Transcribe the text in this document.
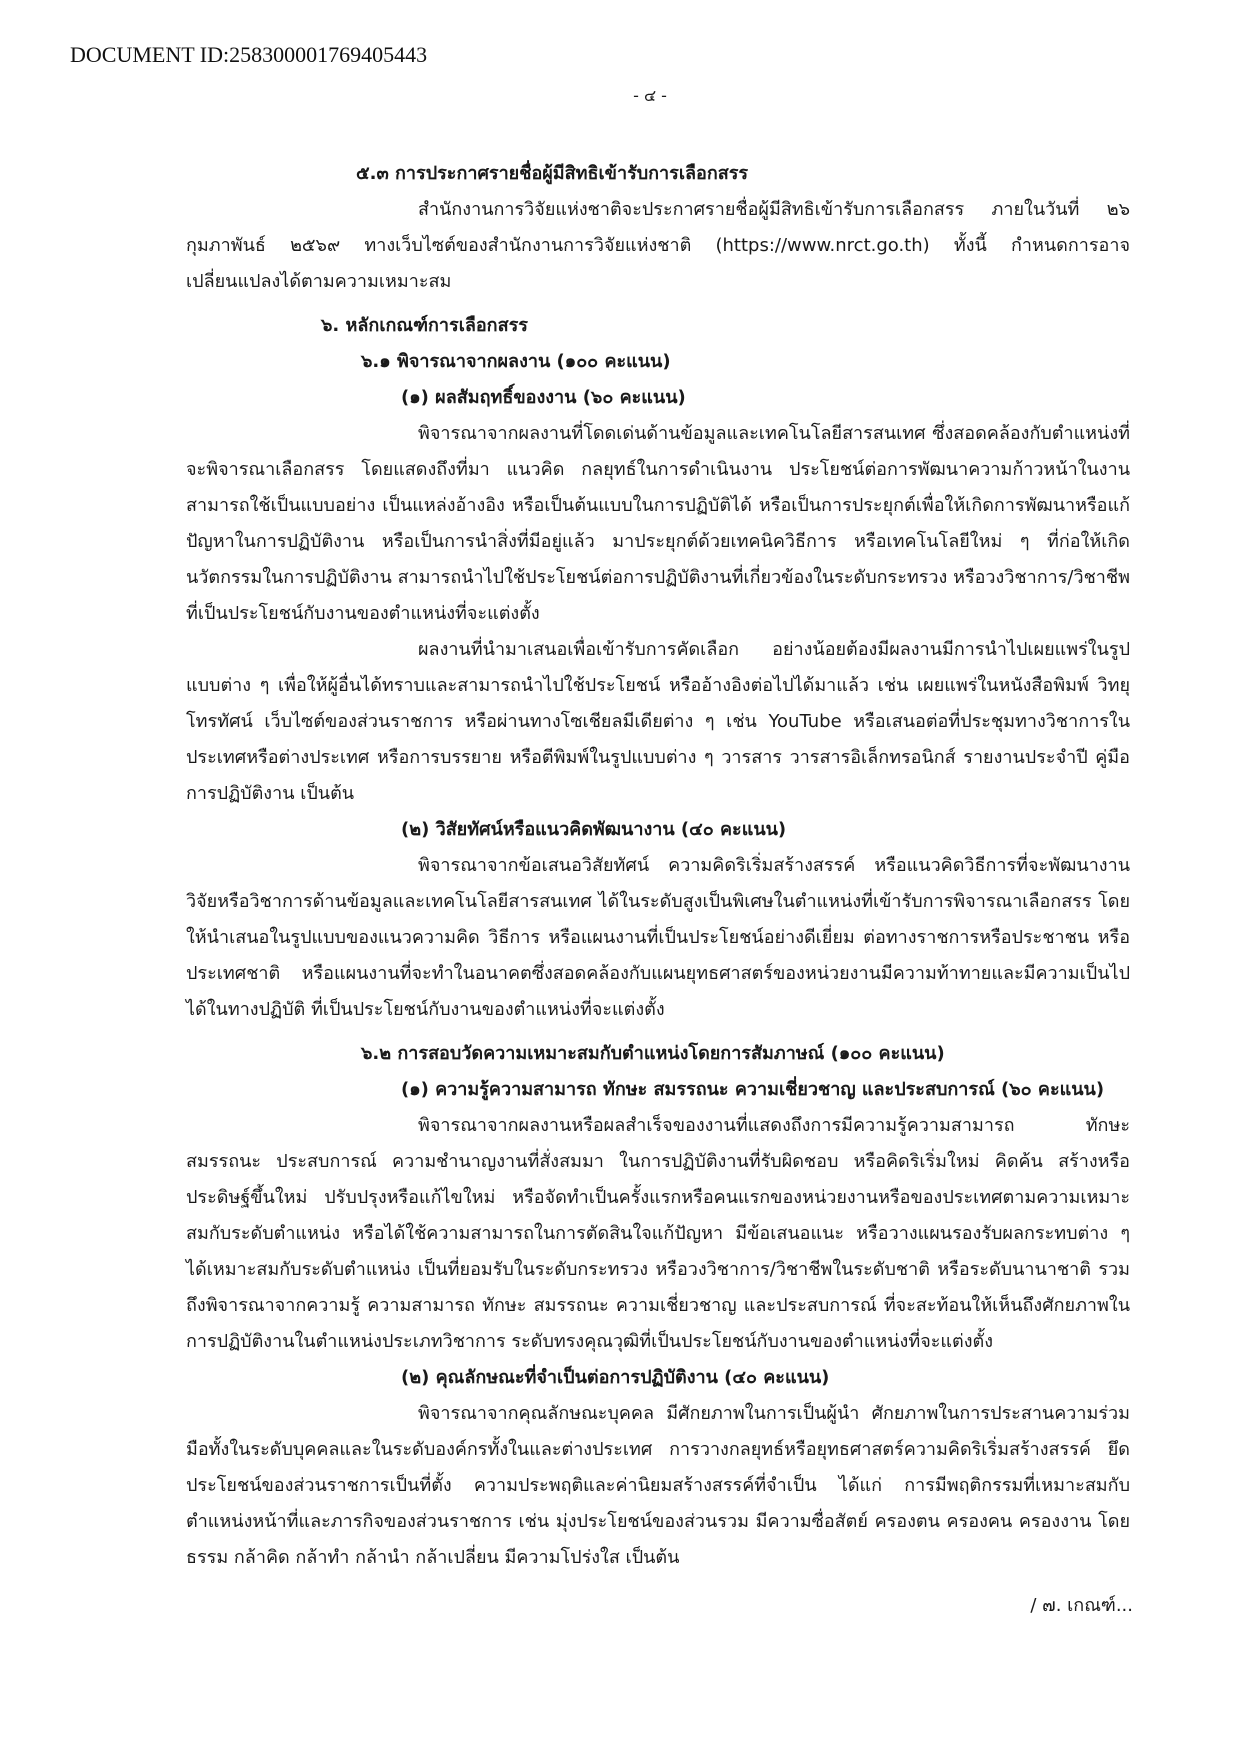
DOCUMENT ID:258300001769405443
- ๔ -

๕.๓ การประกาศรายชื่อผู้มีสิทธิเข้ารับการเลือกสรร

สำนักงานการวิจัยแห่งชาติจะประกาศรายชื่อผู้มีสิทธิเข้ารับการเลือกสรร ภายในวันที่ ๒๖ กุมภาพันธ์ ๒๕๖๙ ทางเว็บไซต์ของสำนักงานการวิจัยแห่งชาติ (https://www.nrct.go.th) ทั้งนี้ กำหนดการอาจเปลี่ยนแปลงได้ตามความเหมาะสม

๖. หลักเกณฑ์การเลือกสรร

๖.๑ พิจารณาจากผลงาน (๑๐๐ คะแนน)

(๑) ผลสัมฤทธิ์ของงาน (๖๐ คะแนน)

พิจารณาจากผลงานที่โดดเด่นด้านข้อมูลและเทคโนโลยีสารสนเทศ ซึ่งสอดคล้องกับตำแหน่งที่จะพิจารณาเลือกสรร โดยแสดงถึงที่มา แนวคิด กลยุทธ์ในการดำเนินงาน ประโยชน์ต่อการพัฒนาความก้าวหน้าในงาน สามารถใช้เป็นแบบอย่าง เป็นแหล่งอ้างอิง หรือเป็นต้นแบบในการปฏิบัติได้ หรือเป็นการประยุกต์เพื่อให้เกิดการพัฒนาหรือแก้ปัญหาในการปฏิบัติงาน หรือเป็นการนำสิ่งที่มีอยู่แล้ว มาประยุกต์ด้วยเทคนิควิธีการ หรือเทคโนโลยีใหม่ ๆ ที่ก่อให้เกิดนวัตกรรมในการปฏิบัติงาน สามารถนำไปใช้ประโยชน์ต่อการปฏิบัติงานที่เกี่ยวข้องในระดับกระทรวง หรือวงวิชาการ/วิชาชีพที่เป็นประโยชน์กับงานของตำแหน่งที่จะแต่งตั้ง

ผลงานที่นำมาเสนอเพื่อเข้ารับการคัดเลือก อย่างน้อยต้องมีผลงานมีการนำไปเผยแพร่ในรูปแบบต่าง ๆ เพื่อให้ผู้อื่นได้ทราบและสามารถนำไปใช้ประโยชน์ หรืออ้างอิงต่อไปได้มาแล้ว เช่น เผยแพร่ในหนังสือพิมพ์ วิทยุ โทรทัศน์ เว็บไซต์ของส่วนราชการ หรือผ่านทางโซเชียลมีเดียต่าง ๆ เช่น YouTube หรือเสนอต่อที่ประชุมทางวิชาการในประเทศหรือต่างประเทศ หรือการบรรยาย หรือตีพิมพ์ในรูปแบบต่าง ๆ วารสาร วารสารอิเล็กทรอนิกส์ รายงานประจำปี คู่มือการปฏิบัติงาน เป็นต้น

(๒) วิสัยทัศน์หรือแนวคิดพัฒนางาน (๔๐ คะแนน)

พิจารณาจากข้อเสนอวิสัยทัศน์ ความคิดริเริ่มสร้างสรรค์ หรือแนวคิดวิธีการที่จะพัฒนางานวิจัยหรือวิชาการด้านข้อมูลและเทคโนโลยีสารสนเทศ ได้ในระดับสูงเป็นพิเศษในตำแหน่งที่เข้ารับการพิจารณาเลือกสรร โดยให้นำเสนอในรูปแบบของแนวความคิด วิธีการ หรือแผนงานที่เป็นประโยชน์อย่างดีเยี่ยม ต่อทางราชการหรือประชาชน หรือประเทศชาติ หรือแผนงานที่จะทำในอนาคตซึ่งสอดคล้องกับแผนยุทธศาสตร์ของหน่วยงานมีความท้าทายและมีความเป็นไปได้ในทางปฏิบัติ ที่เป็นประโยชน์กับงานของตำแหน่งที่จะแต่งตั้ง

๖.๒ การสอบวัดความเหมาะสมกับตำแหน่งโดยการสัมภาษณ์ (๑๐๐ คะแนน)

(๑) ความรู้ความสามารถ ทักษะ สมรรถนะ ความเชี่ยวชาญ และประสบการณ์ (๖๐ คะแนน)

พิจารณาจากผลงานหรือผลสำเร็จของงานที่แสดงถึงการมีความรู้ความสามารถ ทักษะ สมรรถนะ ประสบการณ์ ความชำนาญงานที่สั่งสมมา ในการปฏิบัติงานที่รับผิดชอบ หรือคิดริเริ่มใหม่ คิดค้น สร้างหรือประดิษฐ์ขึ้นใหม่ ปรับปรุงหรือแก้ไขใหม่ หรือจัดทำเป็นครั้งแรกหรือคนแรกของหน่วยงานหรือของประเทศตามความเหมาะสมกับระดับตำแหน่ง หรือได้ใช้ความสามารถในการตัดสินใจแก้ปัญหา มีข้อเสนอแนะ หรือวางแผนรองรับผลกระทบต่าง ๆ ได้เหมาะสมกับระดับตำแหน่ง เป็นที่ยอมรับในระดับกระทรวง หรือวงวิชาการ/วิชาชีพในระดับชาติ หรือระดับนานาชาติ รวมถึงพิจารณาจากความรู้ ความสามารถ ทักษะ สมรรถนะ ความเชี่ยวชาญ และประสบการณ์ ที่จะสะท้อนให้เห็นถึงศักยภาพในการปฏิบัติงานในตำแหน่งประเภทวิชาการ ระดับทรงคุณวุฒิที่เป็นประโยชน์กับงานของตำแหน่งที่จะแต่งตั้ง

(๒) คุณลักษณะที่จำเป็นต่อการปฏิบัติงาน (๔๐ คะแนน)

พิจารณาจากคุณลักษณะบุคคล มีศักยภาพในการเป็นผู้นำ ศักยภาพในการประสานความร่วมมือทั้งในระดับบุคคลและในระดับองค์กรทั้งในและต่างประเทศ การวางกลยุทธ์หรือยุทธศาสตร์ความคิดริเริ่มสร้างสรรค์ ยึดประโยชน์ของส่วนราชการเป็นที่ตั้ง ความประพฤติและค่านิยมสร้างสรรค์ที่จำเป็น ได้แก่ การมีพฤติกรรมที่เหมาะสมกับตำแหน่งหน้าที่และภารกิจของส่วนราชการ เช่น มุ่งประโยชน์ของส่วนรวม มีความซื่อสัตย์ ครองตน ครองคน ครองงาน โดยธรรม กล้าคิด กล้าทำ กล้านำ กล้าเปลี่ยน มีความโปร่งใส เป็นต้น

/ ๗. เกณฑ์...
